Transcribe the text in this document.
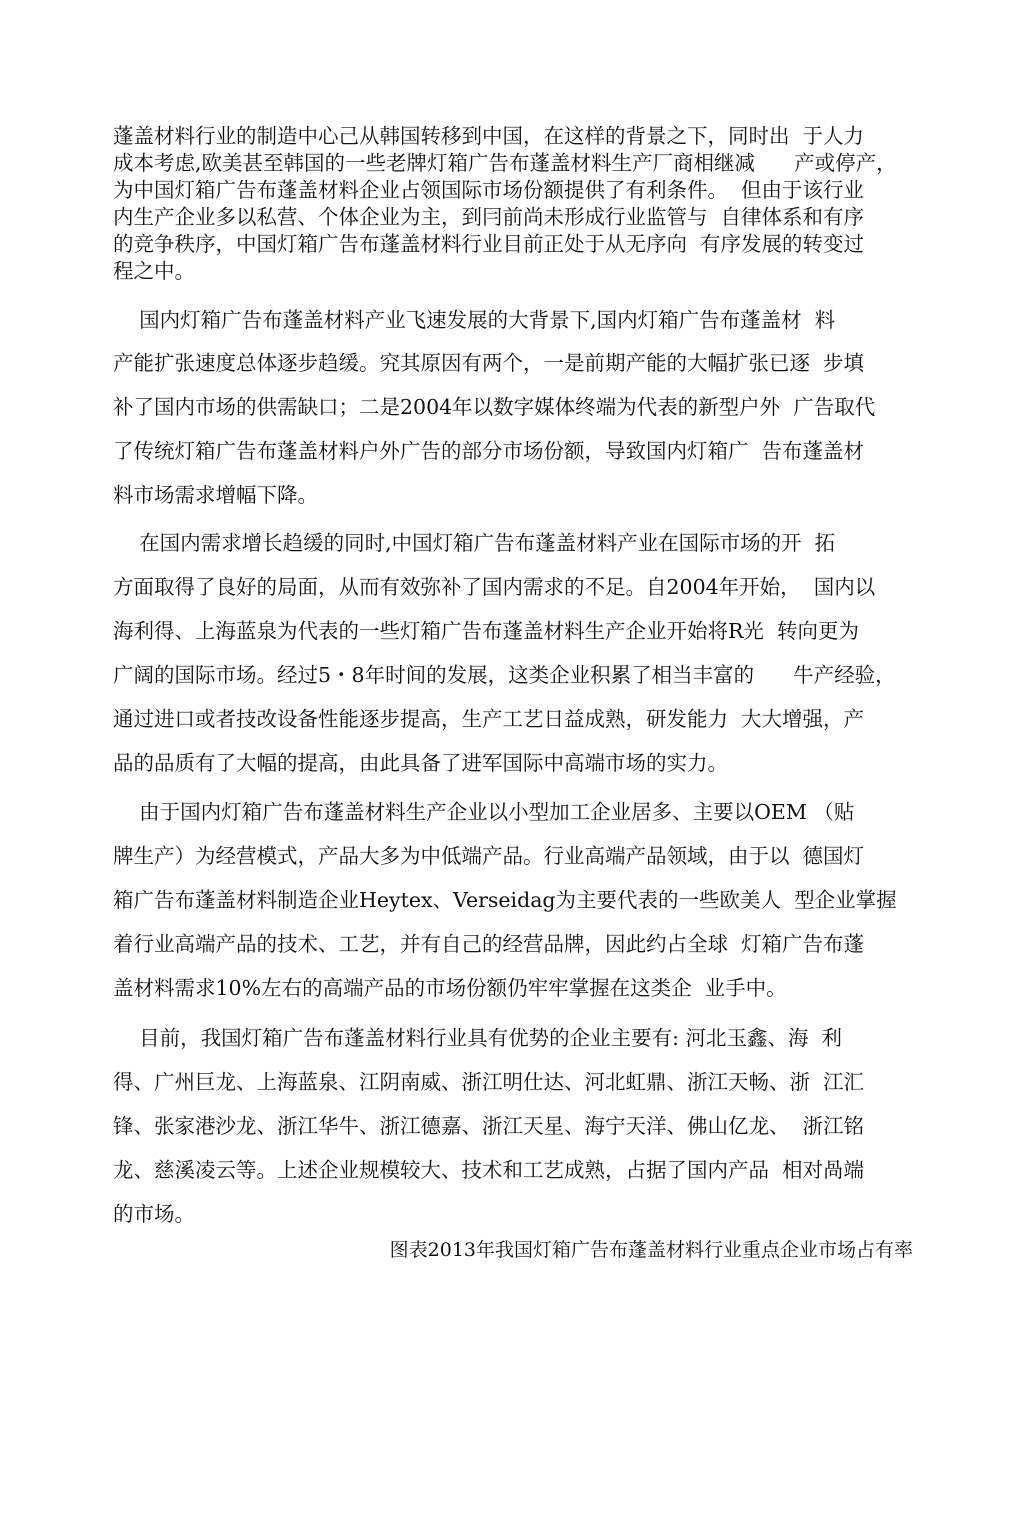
蓬盖材料行业的制造中心己从韩国转移到中国，在这样的背景之下，同时出  于人力
成本考虑,欧美甚至韩国的一些老牌灯箱广告布蓬盖材料生产厂商相继减      产或停产，
为中国灯箱广告布蓬盖材料企业占领国际市场份额提供了有利条件。  但由于该行业
内生产企业多以私营、个体企业为主，到冃前尚未形成行业监管与  自律体系和有序
的竞争秩序，中国灯箱广告布蓬盖材料行业目前正处于从无序向  有序发展的转变过
程之中。
国内灯箱广告布蓬盖材料产业飞速发展的大背景下,国内灯箱广告布蓬盖材  料
产能扩张速度总体逐步趋缓。究其原因有两个，一是前期产能的大幅扩张已逐  步填
补了国内市场的供需缺口；二是2004年以数字媒体终端为代表的新型户外  广告取代
了传统灯箱广告布蓬盖材料户外广告的部分市场份额，导致国内灯箱广  告布蓬盖材
料市场需求增幅下降。
在国内需求增长趋缓的同时,中国灯箱广告布蓬盖材料产业在国际市场的开  拓
方面取得了良好的局面，从而有效弥补了国内需求的不足。自2004年开始，  国内以
海利得、上海蓝泉为代表的一些灯箱广告布蓬盖材料生产企业开始将R光  转向更为
广阔的国际市场。经过5・8年时间的发展，这类企业积累了相当丰富的      牛产经验，
通过进口或者技改设备性能逐步提高，生产工艺日益成熟，研发能力  大大增强，产
品的品质有了大幅的提高，由此具备了进军国际中高端市场的实力。
由于国内灯箱广告布蓬盖材料生产企业以小型加工企业居多、主要以OEM （贴
牌生产）为经营模式，产品大多为中低端产品。行业高端产品领域，由于以  德国灯
箱广告布蓬盖材料制造企业Heytex、Verseidag为主要代表的一些欧美人  型企业掌握
着行业高端产品的技术、工艺，并有自己的经营品牌，因此约占全球  灯箱广告布蓬
盖材料需求10%左右的高端产品的市场份额仍牢牢掌握在这类企  业手中。
目前，我国灯箱广告布蓬盖材料行业具有优势的企业主要有: 河北玉鑫、海  利
得、广州巨龙、上海蓝泉、江阴南威、浙江明仕达、河北虹鼎、浙江天畅、浙  江汇
锋、张家港沙龙、浙江华牛、浙江德嘉、浙江天星、海宁天洋、佛山亿龙、  浙江铭
龙、慈溪凌云等。上述企业规模较大、技术和工艺成熟，占据了国内产品  相对咼端
的市场。
图表2013年我国灯箱广告布蓬盖材料行业重点企业市场占有率
